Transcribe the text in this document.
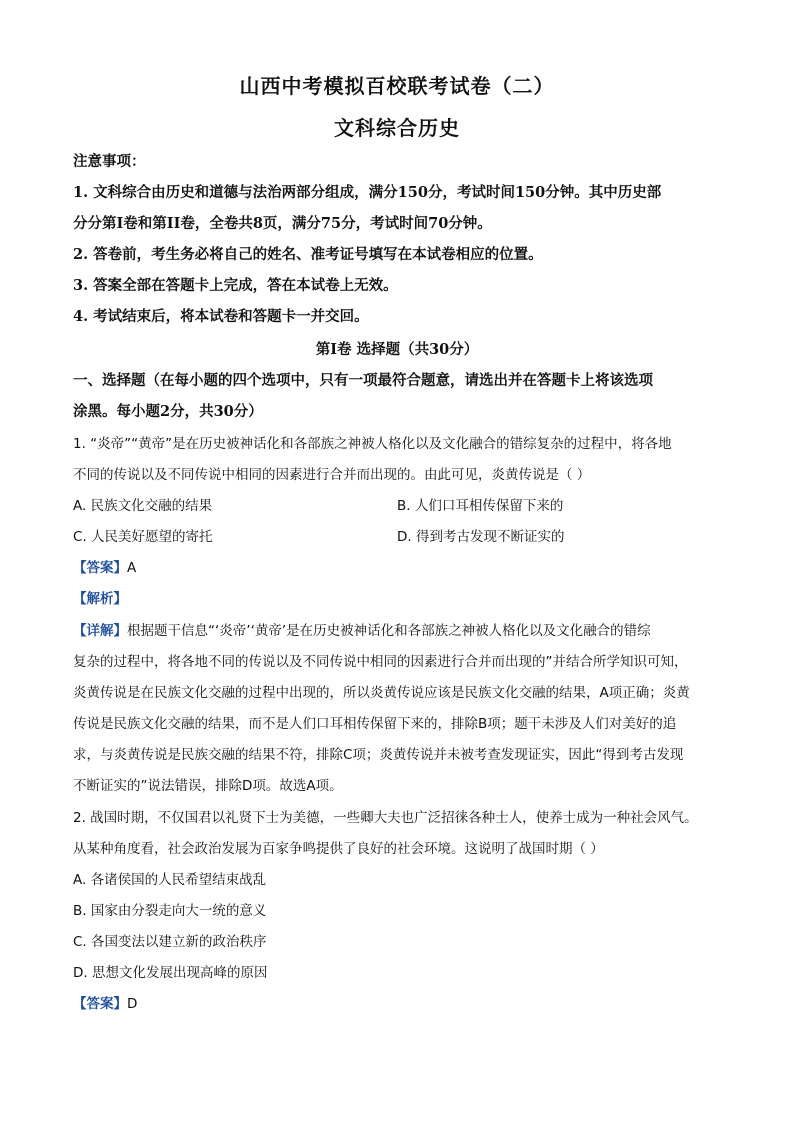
山西中考模拟百校联考试卷（二）
文科综合历史
注意事项：
1. 文科综合由历史和道德与法治两部分组成，满分150分，考试时间150分钟。其中历史部
分分第Ⅰ卷和第II卷，全卷共8页，满分75分，考试时间70分钟。
2. 答卷前，考生务必将自己的姓名、准考证号填写在本试卷相应的位置。
3. 答案全部在答题卡上完成，答在本试卷上无效。
4. 考试结束后，将本试卷和答题卡一并交回。
第Ⅰ卷 选择题（共30分）
一、选择题（在每小题的四个选项中，只有一项最符合题意，请选出并在答题卡上将该选项
涂黑。每小题2分，共30分）
1. “炎帝”“黄帝”是在历史被神话化和各部族之神被人格化以及文化融合的错综复杂的过程中，将各地
不同的传说以及不同传说中相同的因素进行合并而出现的。由此可见，炎黄传说是（ ）
A. 民族文化交融的结果	B. 人们口耳相传保留下来的
C. 人民美好愿望的寄托	D. 得到考古发现不断证实的
【答案】A
【解析】
【详解】根据题干信息“‘炎帝’‘黄帝’是在历史被神话化和各部族之神被人格化以及文化融合的错综
复杂的过程中，将各地不同的传说以及不同传说中相同的因素进行合并而出现的”并结合所学知识可知，
炎黄传说是在民族文化交融的过程中出现的，所以炎黄传说应该是民族文化交融的结果，A项正确；炎黄
传说是民族文化交融的结果，而不是人们口耳相传保留下来的，排除B项；题干未涉及人们对美好的追
求，与炎黄传说是民族交融的结果不符，排除C项；炎黄传说并未被考查发现证实，因此“得到考古发现
不断证实的”说法错误，排除D项。故选A项。
2. 战国时期，不仅国君以礼贤下士为美德，一些卿大夫也广泛招徕各种士人，使养士成为一种社会风气。
从某种角度看，社会政治发展为百家争鸣提供了良好的社会环境。这说明了战国时期（ ）
A. 各诸侯国的人民希望结束战乱
B. 国家由分裂走向大一统的意义
C. 各国变法以建立新的政治秩序
D. 思想文化发展出现高峰的原因
【答案】D
